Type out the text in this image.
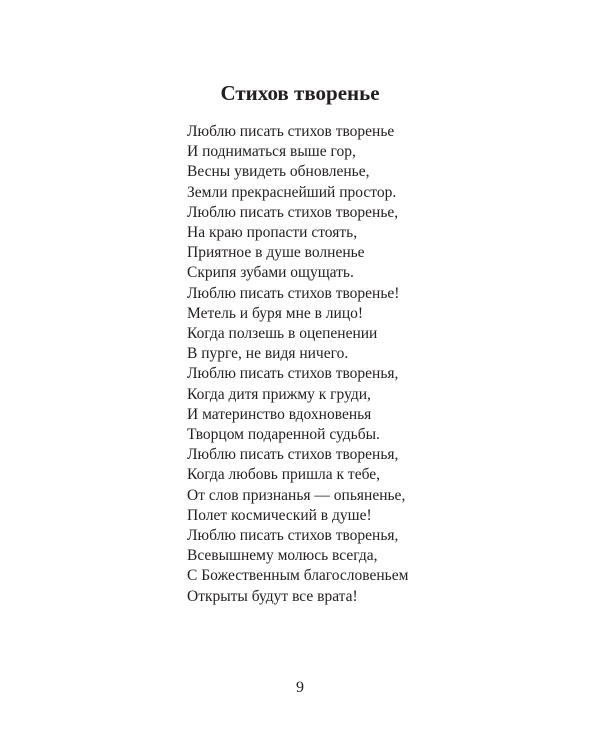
Стихов творенье
Люблю писать стихов творенье
И подниматься выше гор,
Весны увидеть обновленье,
Земли прекраснейший простор.
Люблю писать стихов творенье,
На краю пропасти стоять,
Приятное в душе волненье
Скрипя зубами ощущать.
Люблю писать стихов творенье!
Метель и буря мне в лицо!
Когда ползешь в оцепенении
В пурге, не видя ничего.
Люблю писать стихов творенья,
Когда дитя прижму к груди,
И материнство вдохновенья
Творцом подаренной судьбы.
Люблю писать стихов творенья,
Когда любовь пришла к тебе,
От слов признанья — опьяненье,
Полет космический в душе!
Люблю писать стихов творенья,
Всевышнему молюсь всегда,
С Божественным благословеньем
Открыты будут все врата!
9
